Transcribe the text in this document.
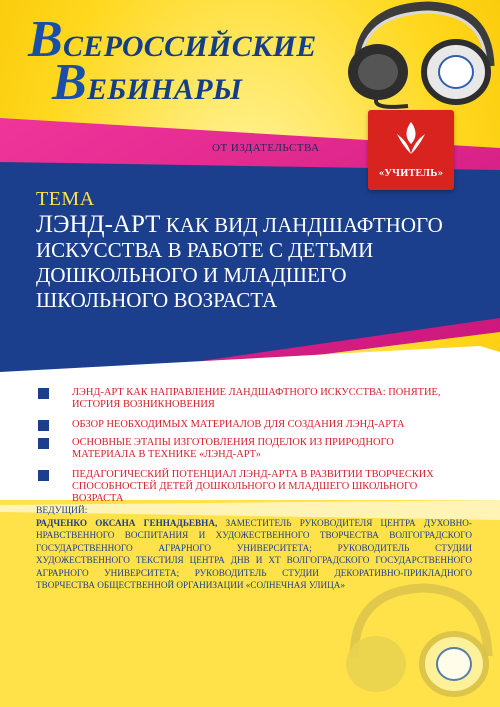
ВСЕРОССИЙСКИЕ
ВЕБИНАРЫ
ОТ ИЗДАТЕЛЬСТВА
«УЧИТЕЛЬ»
ТЕМА
ЛЭНД-АРТ КАК ВИД ЛАНДШАФТНОГО ИСКУССТВА В РАБОТЕ С ДЕТЬМИ ДОШКОЛЬНОГО И МЛАДШЕГО ШКОЛЬНОГО ВОЗРАСТА
ЛЭНД-АРТ КАК НАПРАВЛЕНИЕ ЛАНДШАФТНОГО ИСКУССТВА: ПОНЯТИЕ, ИСТОРИЯ ВОЗНИКНОВЕНИЯ
ОБЗОР НЕОБХОДИМЫХ МАТЕРИАЛОВ ДЛЯ СОЗДАНИЯ ЛЭНД-АРТА
ОСНОВНЫЕ ЭТАПЫ ИЗГОТОВЛЕНИЯ ПОДЕЛОК ИЗ ПРИРОДНОГО МАТЕРИАЛА В ТЕХНИКЕ «ЛЭНД-АРТ»
ПЕДАГОГИЧЕСКИЙ ПОТЕНЦИАЛ ЛЭНД-АРТА В РАЗВИТИИ ТВОРЧЕСКИХ СПОСОБНОСТЕЙ ДЕТЕЙ ДОШКОЛЬНОГО И МЛАДШЕГО ШКОЛЬНОГО ВОЗРАСТА
ВЕДУЩИЙ:
РАДЧЕНКО ОКСАНА ГЕННАДЬЕВНА, ЗАМЕСТИТЕЛЬ РУКОВОДИТЕЛЯ ЦЕНТРА ДУХОВНО-НРАВСТВЕННОГО ВОСПИТАНИЯ И ХУДОЖЕСТВЕННОГО ТВОРЧЕСТВА ВОЛГОГРАДСКОГО ГОСУДАРСТВЕННОГО АГРАРНОГО УНИВЕРСИТЕТА; РУКОВОДИТЕЛЬ СТУДИИ ХУДОЖЕСТВЕННОГО ТЕКСТИЛЯ ЦЕНТРА ДНВ И ХТ ВОЛГОГРАДСКОГО ГОСУДАРСТВЕННОГО АГРАРНОГО УНИВЕРСИТЕТА; РУКОВОДИТЕЛЬ СТУДИИ ДЕКОРАТИВНО-ПРИКЛАДНОГО ТВОРЧЕСТВА ОБЩЕСТВЕННОЙ ОРГАНИЗАЦИИ «СОЛНЕЧНАЯ УЛИЦА»
